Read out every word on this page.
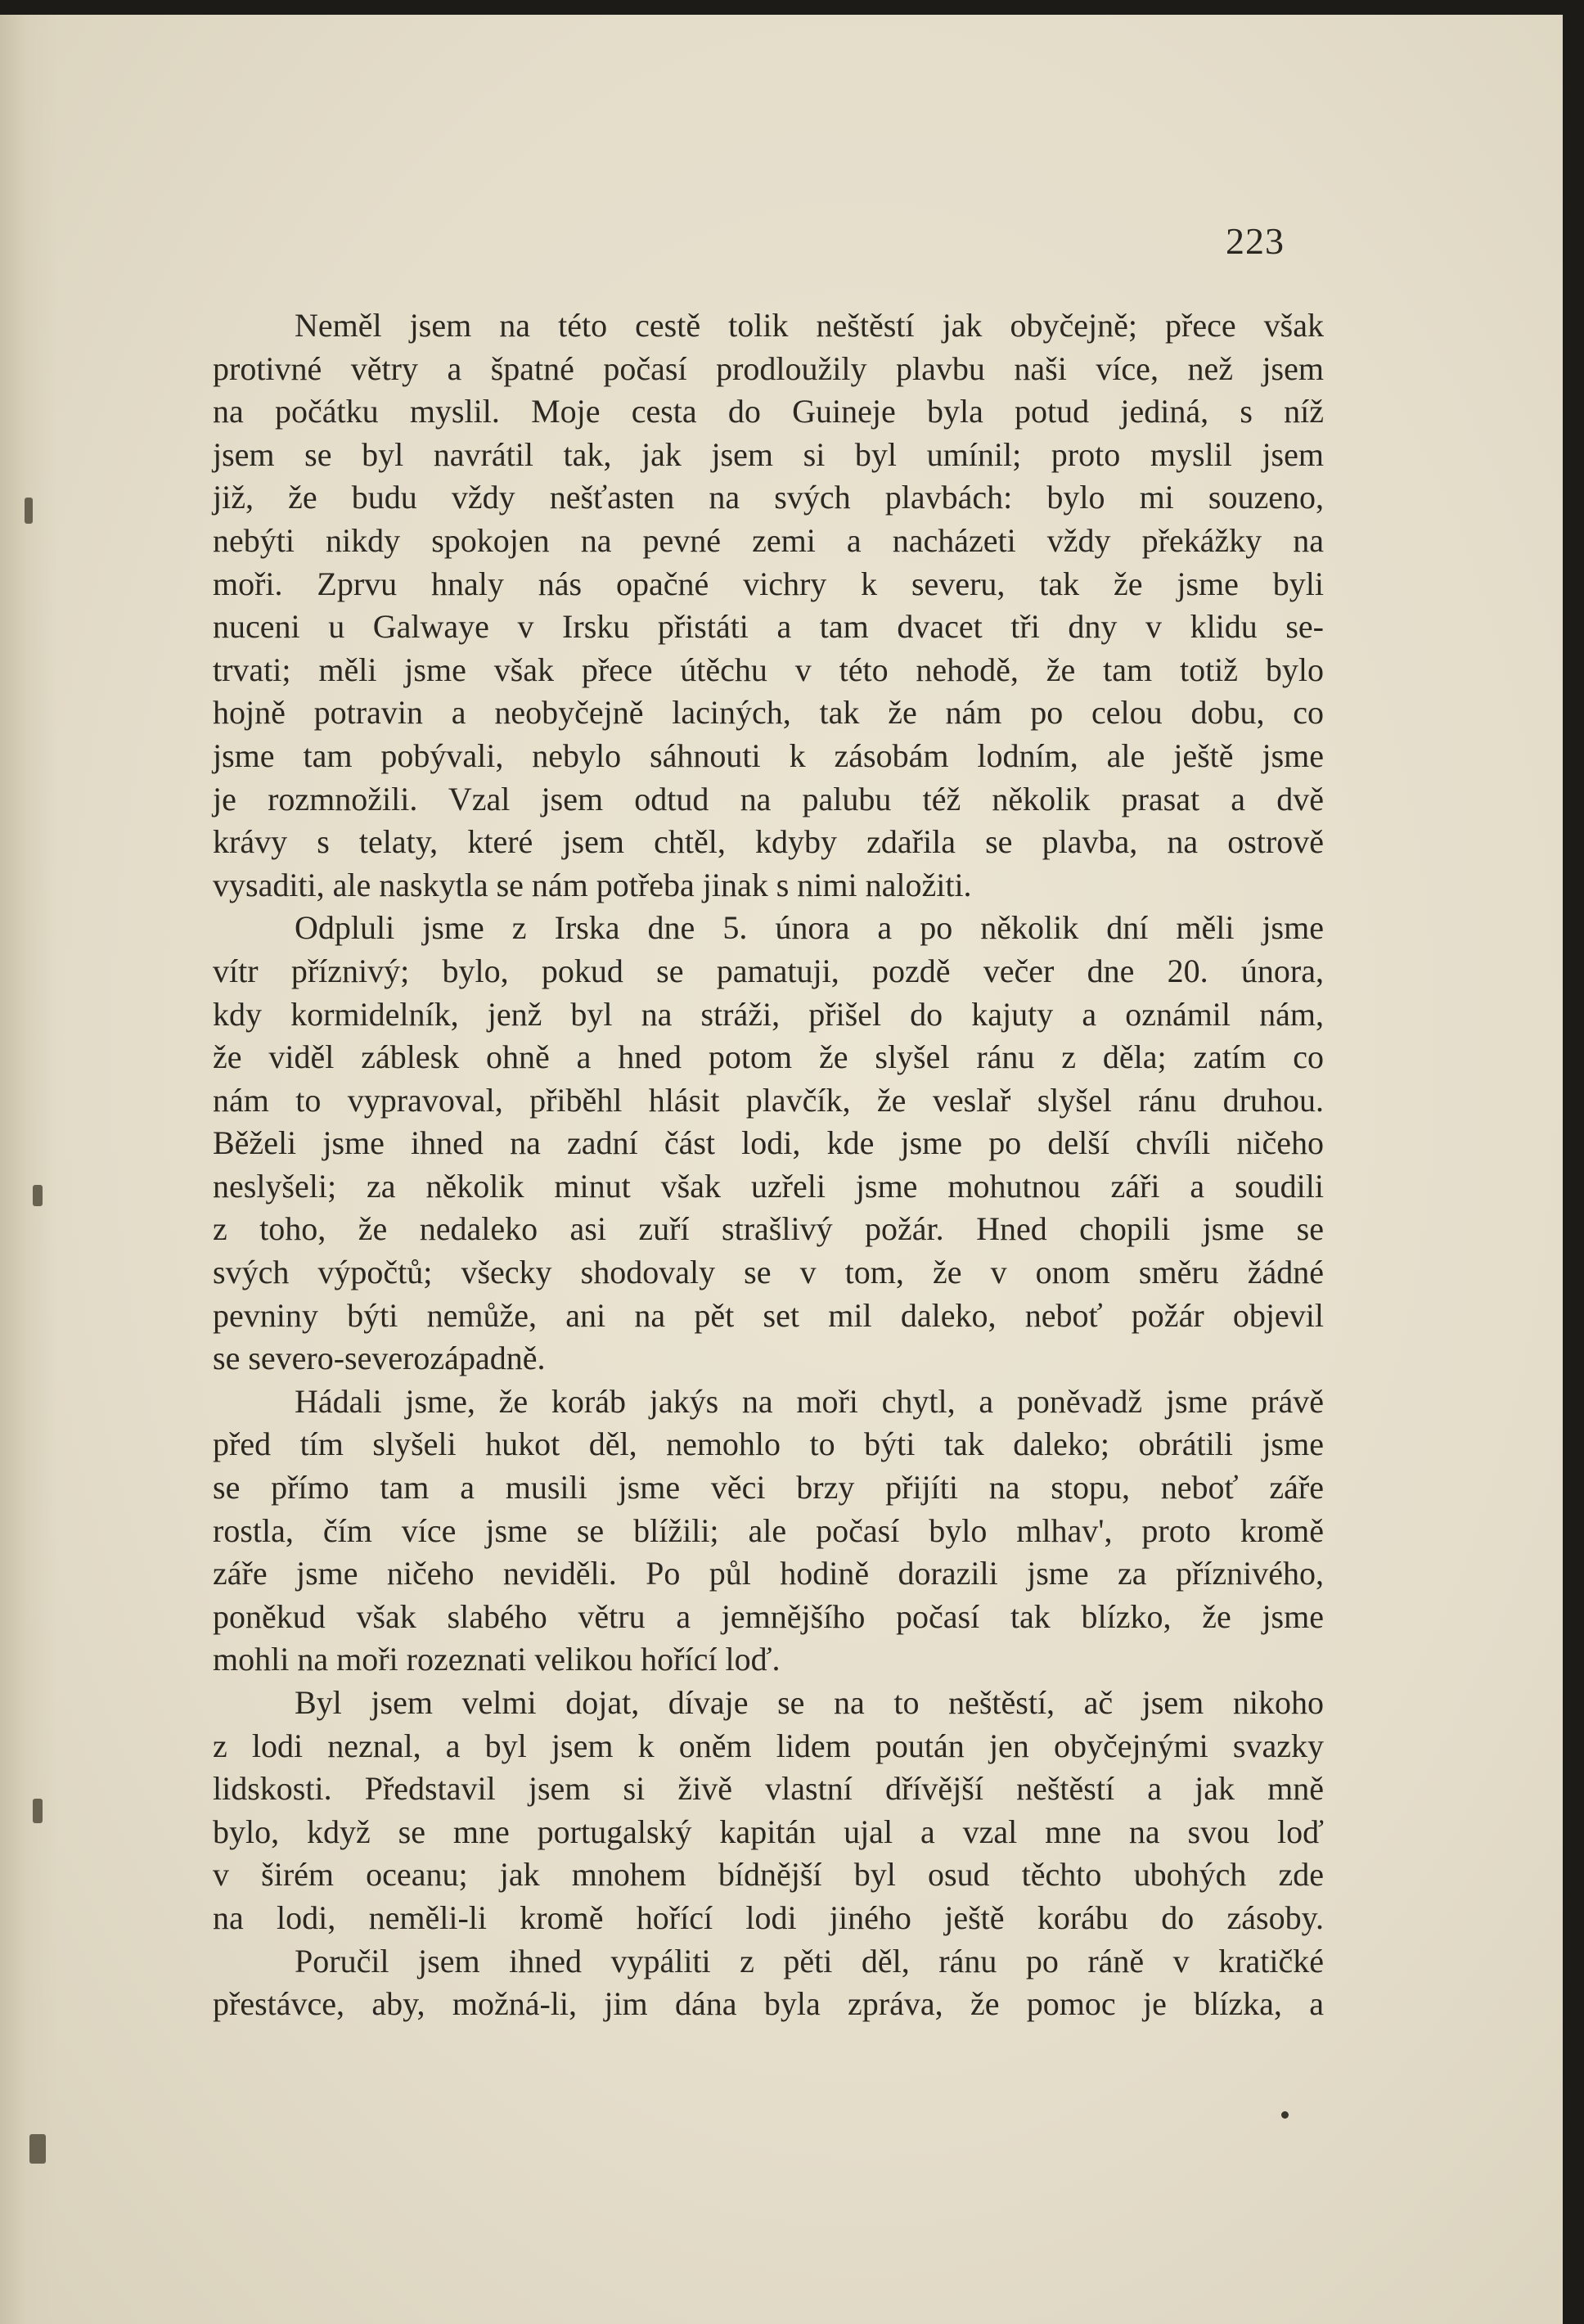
223

Neměl jsem na této cestě tolik neštěstí jak obyčejně; přece však
protivné větry a špatné počasí prodloužily plavbu naši více, než jsem
na počátku myslil. Moje cesta do Guineje byla potud jediná, s níž
jsem se byl navrátil tak, jak jsem si byl umínil; proto myslil jsem
již, že budu vždy nešťasten na svých plavbách: bylo mi souzeno,
nebýti nikdy spokojen na pevné zemi a nacházeti vždy překážky na
moři. Zprvu hnaly nás opačné vichry k severu, tak že jsme byli
nuceni u Galwaye v Irsku přistáti a tam dvacet tři dny v klidu se-
trvati; měli jsme však přece útěchu v této nehodě, že tam totiž bylo
hojně potravin a neobyčejně laciných, tak že nám po celou dobu, co
jsme tam pobývali, nebylo sáhnouti k zásobám lodním, ale ještě jsme
je rozmnožili. Vzal jsem odtud na palubu též několik prasat a dvě
krávy s telaty, které jsem chtěl, kdyby zdařila se plavba, na ostrově
vysaditi, ale naskytla se nám potřeba jinak s nimi naložiti.

Odpluli jsme z Irska dne 5. února a po několik dní měli jsme
vítr příznivý; bylo, pokud se pamatuji, pozdě večer dne 20. února,
kdy kormidelník, jenž byl na stráži, přišel do kajuty a oznámil nám,
že viděl záblesk ohně a hned potom že slyšel ránu z děla; zatím co
nám to vypravoval, přiběhl hlásit plavčík, že veslař slyšel ránu druhou.
Běželi jsme ihned na zadní část lodi, kde jsme po delší chvíli ničeho
neslyšeli; za několik minut však uzřeli jsme mohutnou záři a soudili
z toho, že nedaleko asi zuří strašlivý požár. Hned chopili jsme se
svých výpočtů; všecky shodovaly se v tom, že v onom směru žádné
pevniny býti nemůže, ani na pět set mil daleko, neboť požár objevil
se severo-severozápadně.

Hádali jsme, že koráb jakýs na moři chytl, a poněvadž jsme právě
před tím slyšeli hukot děl, nemohlo to býti tak daleko; obrátili jsme
se přímo tam a musili jsme věci brzy přijíti na stopu, neboť záře
rostla, čím více jsme se blížili; ale počasí bylo mlhav', proto kromě
záře jsme ničeho neviděli. Po půl hodině dorazili jsme za příznivého,
poněkud však slabého větru a jemnějšího počasí tak blízko, že jsme
mohli na moři rozeznati velikou hořící loď.

Byl jsem velmi dojat, dívaje se na to neštěstí, ač jsem nikoho
z lodi neznal, a byl jsem k oněm lidem poután jen obyčejnými svazky
lidskosti. Představil jsem si živě vlastní dřívější neštěstí a jak mně
bylo, když se mne portugalský kapitán ujal a vzal mne na svou loď
v širém oceanu; jak mnohem bídnější byl osud těchto ubohých zde
na lodi, neměli-li kromě hořící lodi jiného ještě korábu do zásoby.

Poručil jsem ihned vypáliti z pěti děl, ránu po ráně v kratičké
přestávce, aby, možná-li, jim dána byla zpráva, že pomoc je blízka, a
